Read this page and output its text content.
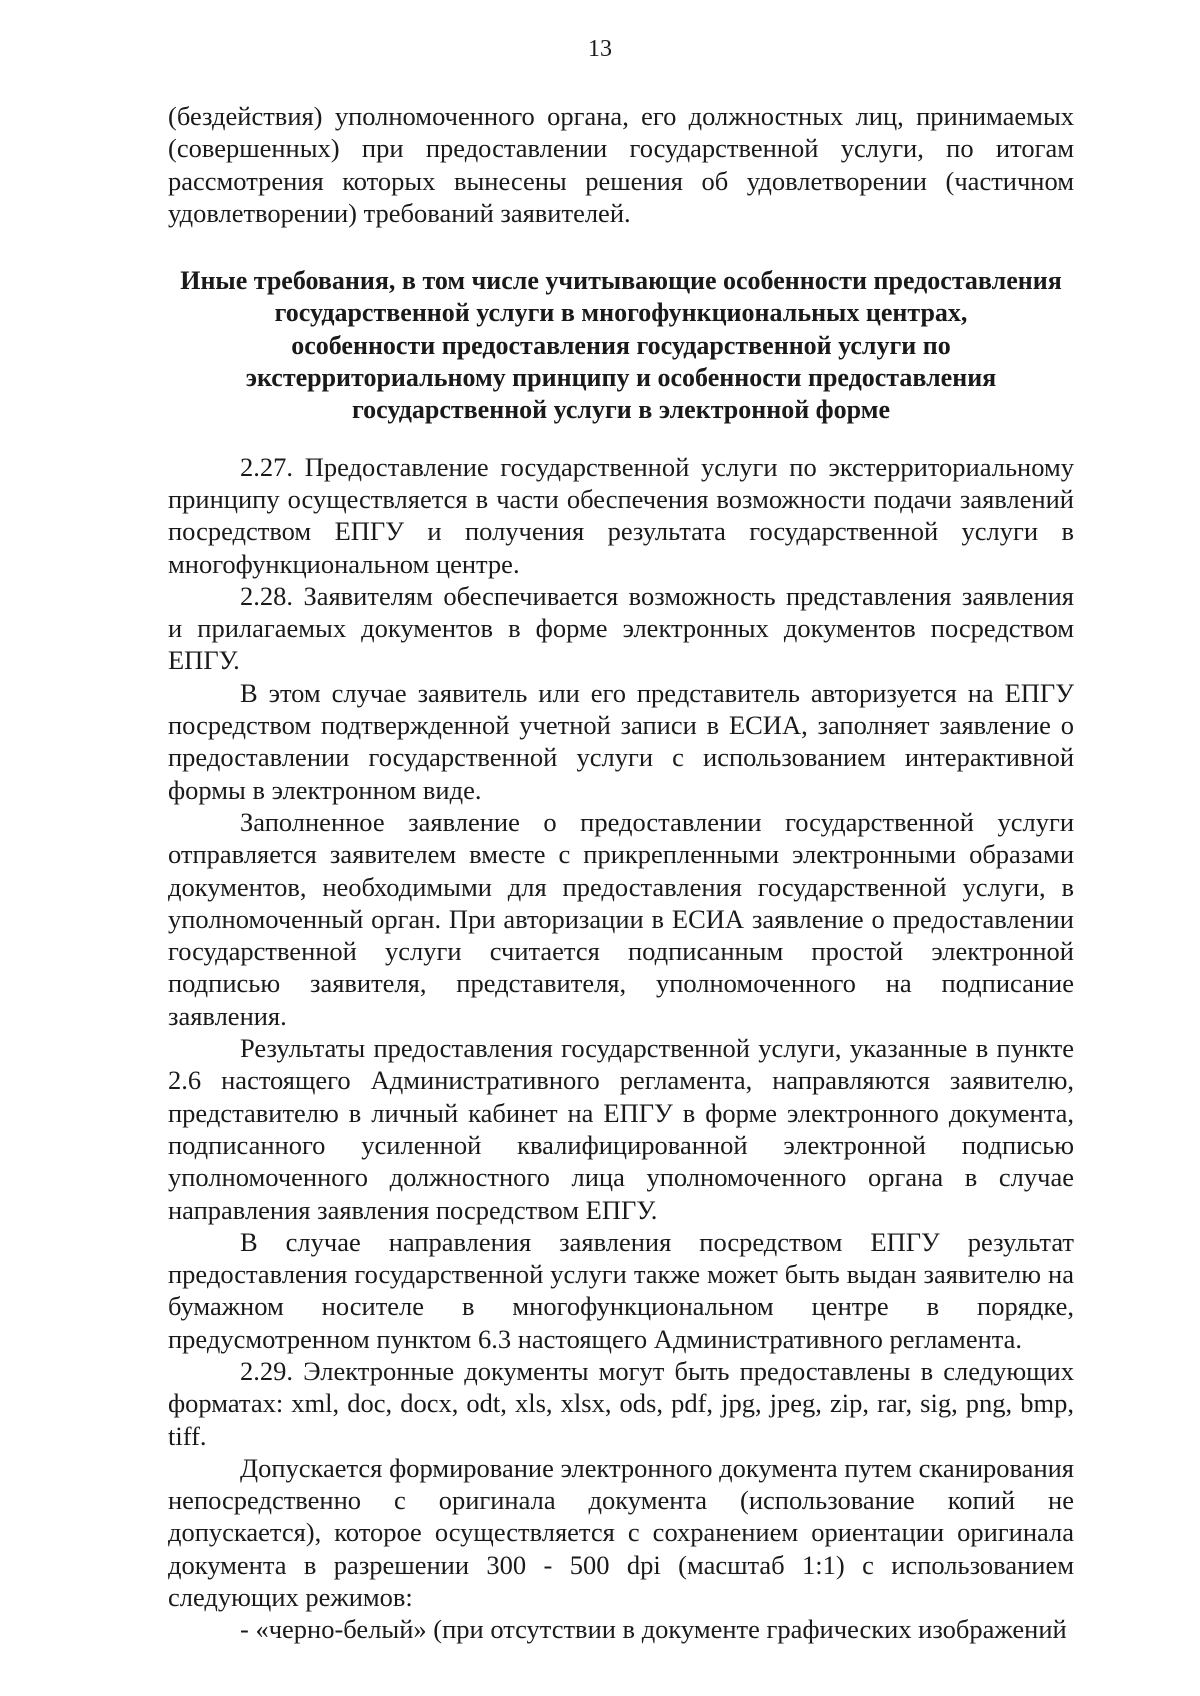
13

(бездействия) уполномоченного органа, его должностных лиц, принимаемых (совершенных) при предоставлении государственной услуги, по итогам рассмотрения которых вынесены решения об удовлетворении (частичном удовлетворении) требований заявителей.

Иные требования, в том числе учитывающие особенности предоставления
государственной услуги в многофункциональных центрах,
особенности предоставления государственной услуги по
экстерриториальному принципу и особенности предоставления
государственной услуги в электронной форме

2.27. Предоставление государственной услуги по экстерриториальному принципу осуществляется в части обеспечения возможности подачи заявлений посредством ЕПГУ и получения результата государственной услуги в многофункциональном центре.

2.28. Заявителям обеспечивается возможность представления заявления и прилагаемых документов в форме электронных документов посредством ЕПГУ.

В этом случае заявитель или его представитель авторизуется на ЕПГУ посредством подтвержденной учетной записи в ЕСИА, заполняет заявление о предоставлении государственной услуги с использованием интерактивной формы в электронном виде.

Заполненное заявление о предоставлении государственной услуги отправляется заявителем вместе с прикрепленными электронными образами документов, необходимыми для предоставления государственной услуги, в уполномоченный орган. При авторизации в ЕСИА заявление о предоставлении государственной услуги считается подписанным простой электронной подписью заявителя, представителя, уполномоченного на подписание заявления.

Результаты предоставления государственной услуги, указанные в пункте 2.6 настоящего Административного регламента, направляются заявителю, представителю в личный кабинет на ЕПГУ в форме электронного документа, подписанного усиленной квалифицированной электронной подписью уполномоченного должностного лица уполномоченного органа в случае направления заявления посредством ЕПГУ.

В случае направления заявления посредством ЕПГУ результат предоставления государственной услуги также может быть выдан заявителю на бумажном носителе в многофункциональном центре в порядке, предусмотренном пунктом 6.3 настоящего Административного регламента.

2.29. Электронные документы могут быть предоставлены в следующих форматах: xml, doc, docx, odt, xls, xlsx, ods, pdf, jpg, jpeg, zip, rar, sig, png, bmp, tiff.

Допускается формирование электронного документа путем сканирования непосредственно с оригинала документа (использование копий не допускается), которое осуществляется с сохранением ориентации оригинала документа в разрешении 300 - 500 dpi (масштаб 1:1) с использованием следующих режимов:

- «черно-белый» (при отсутствии в документе графических изображений
